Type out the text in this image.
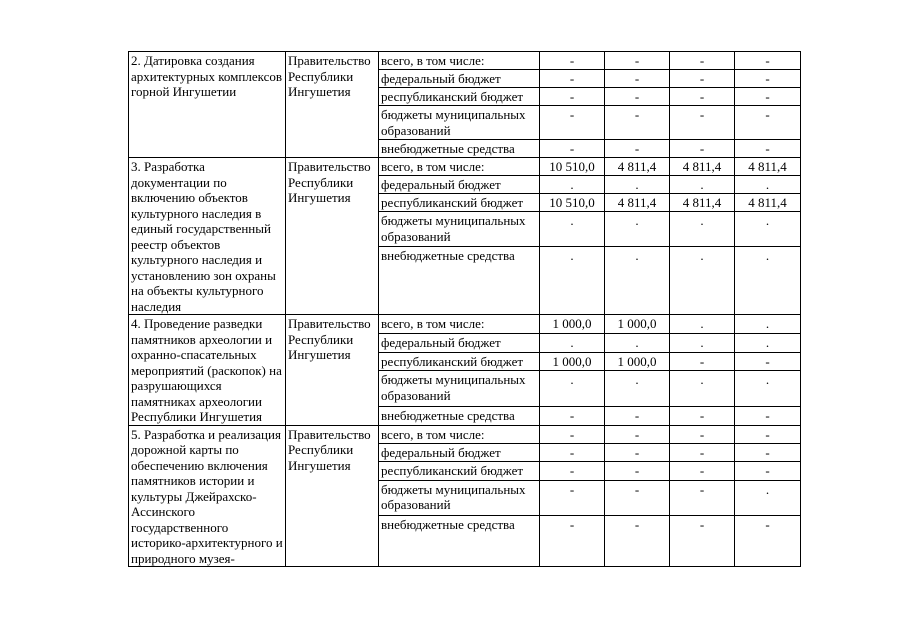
2. Датировка создания архитектурных комплексов горной Ингушетии	Правительство Республики Ингушетия	всего, в том числе:	-	-	-	-
		федеральный бюджет	-	-	-	-
		республиканский бюджет	-	-	-	-
		бюджеты муниципальных образований	-	-	-	-
		внебюджетные средства	-	-	-	-
3. Разработка документации по включению объектов культурного наследия в единый государственный реестр объектов культурного наследия и установлению зон охраны на объекты культурного наследия	Правительство Республики Ингушетия	всего, в том числе:	10 510,0	4 811,4	4 811,4	4 811,4
		федеральный бюджет	.	.	.	.
		республиканский бюджет	10 510,0	4 811,4	4 811,4	4 811,4
		бюджеты муниципальных образований	.	.	.	.
		внебюджетные средства	.	.	.	.
4. Проведение разведки памятников археологии и охранно-спасательных мероприятий (раскопок) на разрушающихся памятниках археологии Республики Ингушетия	Правительство Республики Ингушетия	всего, в том числе:	1 000,0	1 000,0	.	.
		федеральный бюджет	.	.	.	.
		республиканский бюджет	1 000,0	1 000,0	-	-
		бюджеты муниципальных образований	.	.	.	.
		внебюджетные средства	-	-	-	-
5. Разработка и реализация дорожной карты по обеспечению включения памятников истории и культуры Джейрахско-Ассинского государственного историко-архитектурного и природного музея-	Правительство Республики Ингушетия	всего, в том числе:	-	-	-	-
		федеральный бюджет	-	-	-	-
		республиканский бюджет	-	-	-	-
		бюджеты муниципальных образований	-	-	-	.
		внебюджетные средства	-	-	-	-
